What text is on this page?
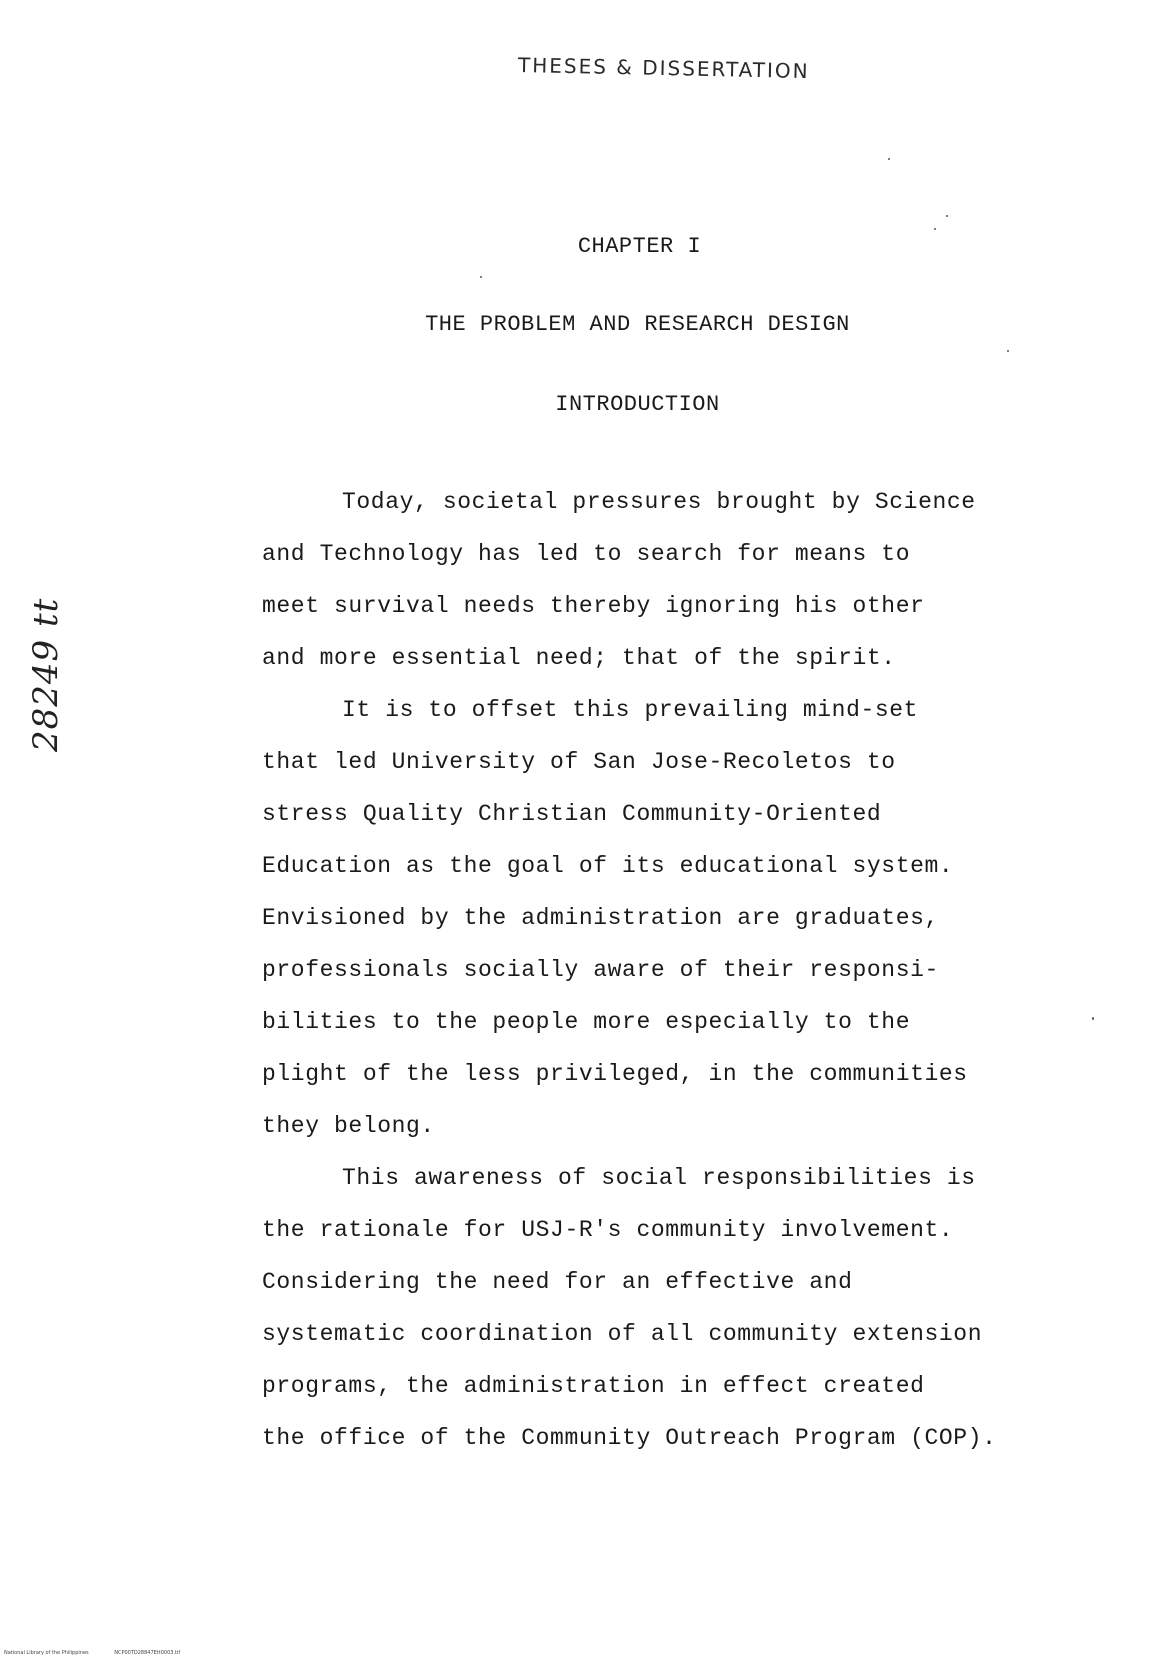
THESES & DISSERTATION
CHAPTER I
THE PROBLEM AND RESEARCH DESIGN
INTRODUCTION
28249 tt
Today, societal pressures brought by Science
and Technology has led to search for means to
meet survival needs thereby ignoring his other
and more essential need; that of the spirit.
It is to offset this prevailing mind-set
that led University of San Jose-Recoletos to
stress Quality Christian Community-Oriented
Education as the goal of its educational system.
Envisioned by the administration are graduates,
professionals socially aware of their responsi-
bilities to the people more especially to the
plight of the less privileged, in the communities
they belong.
This awareness of social responsibilities is
the rationale for USJ-R's community involvement.
Considering the need for an effective and
systematic coordination of all community extension
programs, the administration in effect created
the office of the Community Outreach Program (COP).
National Library of the Philippines	NCP00TD28847Ett0003.tif
